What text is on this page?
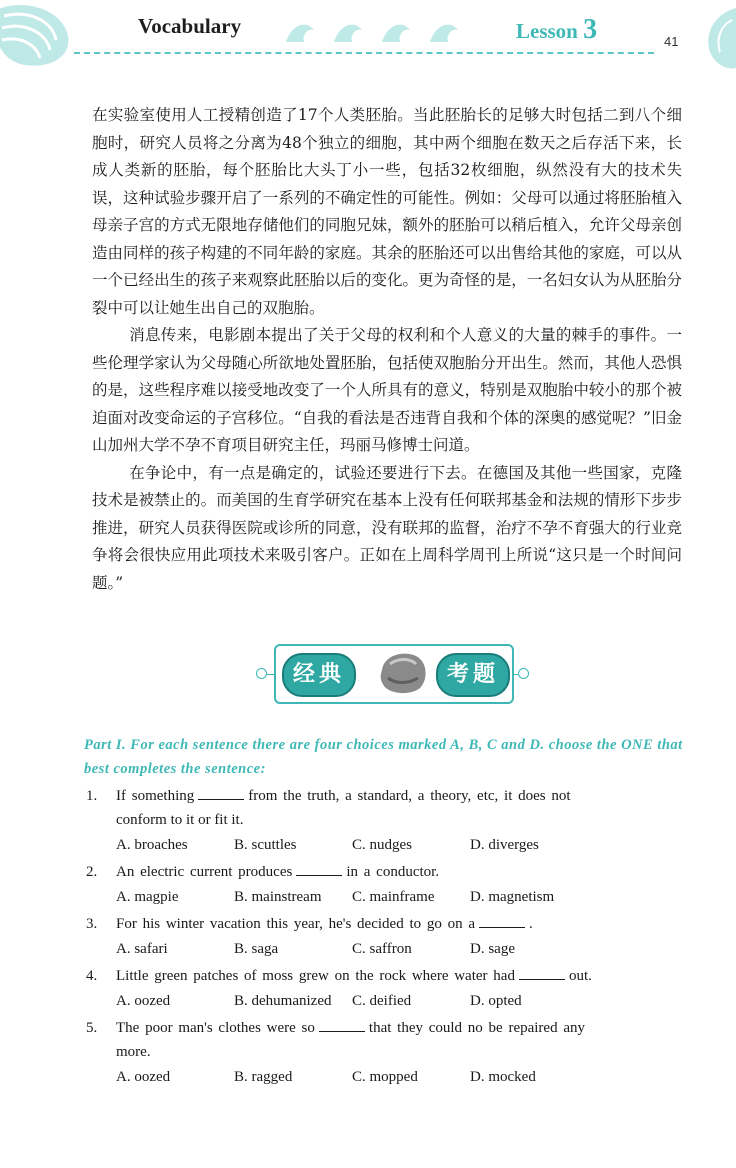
Vocabulary	Lesson 3	41

在实验室使用人工授精创造了17个人类胚胎。当此胚胎长的足够大时包括二到八个细胞时，研究人员将之分离为48个独立的细胞，其中两个细胞在数天之后存活下来，长成人类新的胚胎，每个胚胎比大头丁小一些，包括32枚细胞，纵然没有大的技术失误，这种试验步骤开启了一系列的不确定性的可能性。例如：父母可以通过将胚胎植入母亲子宫的方式无限地存储他们的同胞兄妹，额外的胚胎可以稍后植入，允许父母亲创造由同样的孩子构建的不同年龄的家庭。其余的胚胎还可以出售给其他的家庭，可以从一个已经出生的孩子来观察此胚胎以后的变化。更为奇怪的是，一名妇女认为从胚胎分裂中可以让她生出自己的双胞胎。

消息传来，电影剧本提出了关于父母的权利和个人意义的大量的棘手的事件。一些伦理学家认为父母随心所欲地处置胚胎，包括使双胞胎分开出生。然而，其他人恐惧的是，这些程序难以接受地改变了一个人所具有的意义，特别是双胞胎中较小的那个被迫面对改变命运的子宫移位。“自我的看法是否违背自我和个体的深奥的感觉呢？”旧金山加州大学不孕不育项目研究主任，玛丽马修博士问道。

在争论中，有一点是确定的，试验还要进行下去。在德国及其他一些国家，克隆技术是被禁止的。而美国的生育学研究在基本上没有任何联邦基金和法规的情形下步步推进，研究人员获得医院或诊所的同意，没有联邦的监督，治疗不孕不育强大的行业竞争将会很快应用此项技术来吸引客户。正如在上周科学周刊上所说“这只是一个时间问题。”

经典	考题
Part I. For each sentence there are four choices marked A, B, C and D. choose the ONE that best completes the sentence:
1.	If something	from the truth, a standard, a theory, etc, it does not
conform to it or fit it.
A. broaches	B. scuttles	C. nudges	D. diverges
2.	An electric current produces	in a conductor.
A. magpie	B. mainstream	C. mainframe	D. magnetism
3.	For his winter vacation this year, he's decided to go on a	.
A. safari	B. saga	C. saffron	D. sage
4.	Little green patches of moss grew on the rock where water had	out.
A. oozed	B. dehumanized	C. deified	D. opted
5.	The poor man's clothes were so	that they could no be repaired any
more.
A. oozed	B. ragged	C. mopped	D. mocked
